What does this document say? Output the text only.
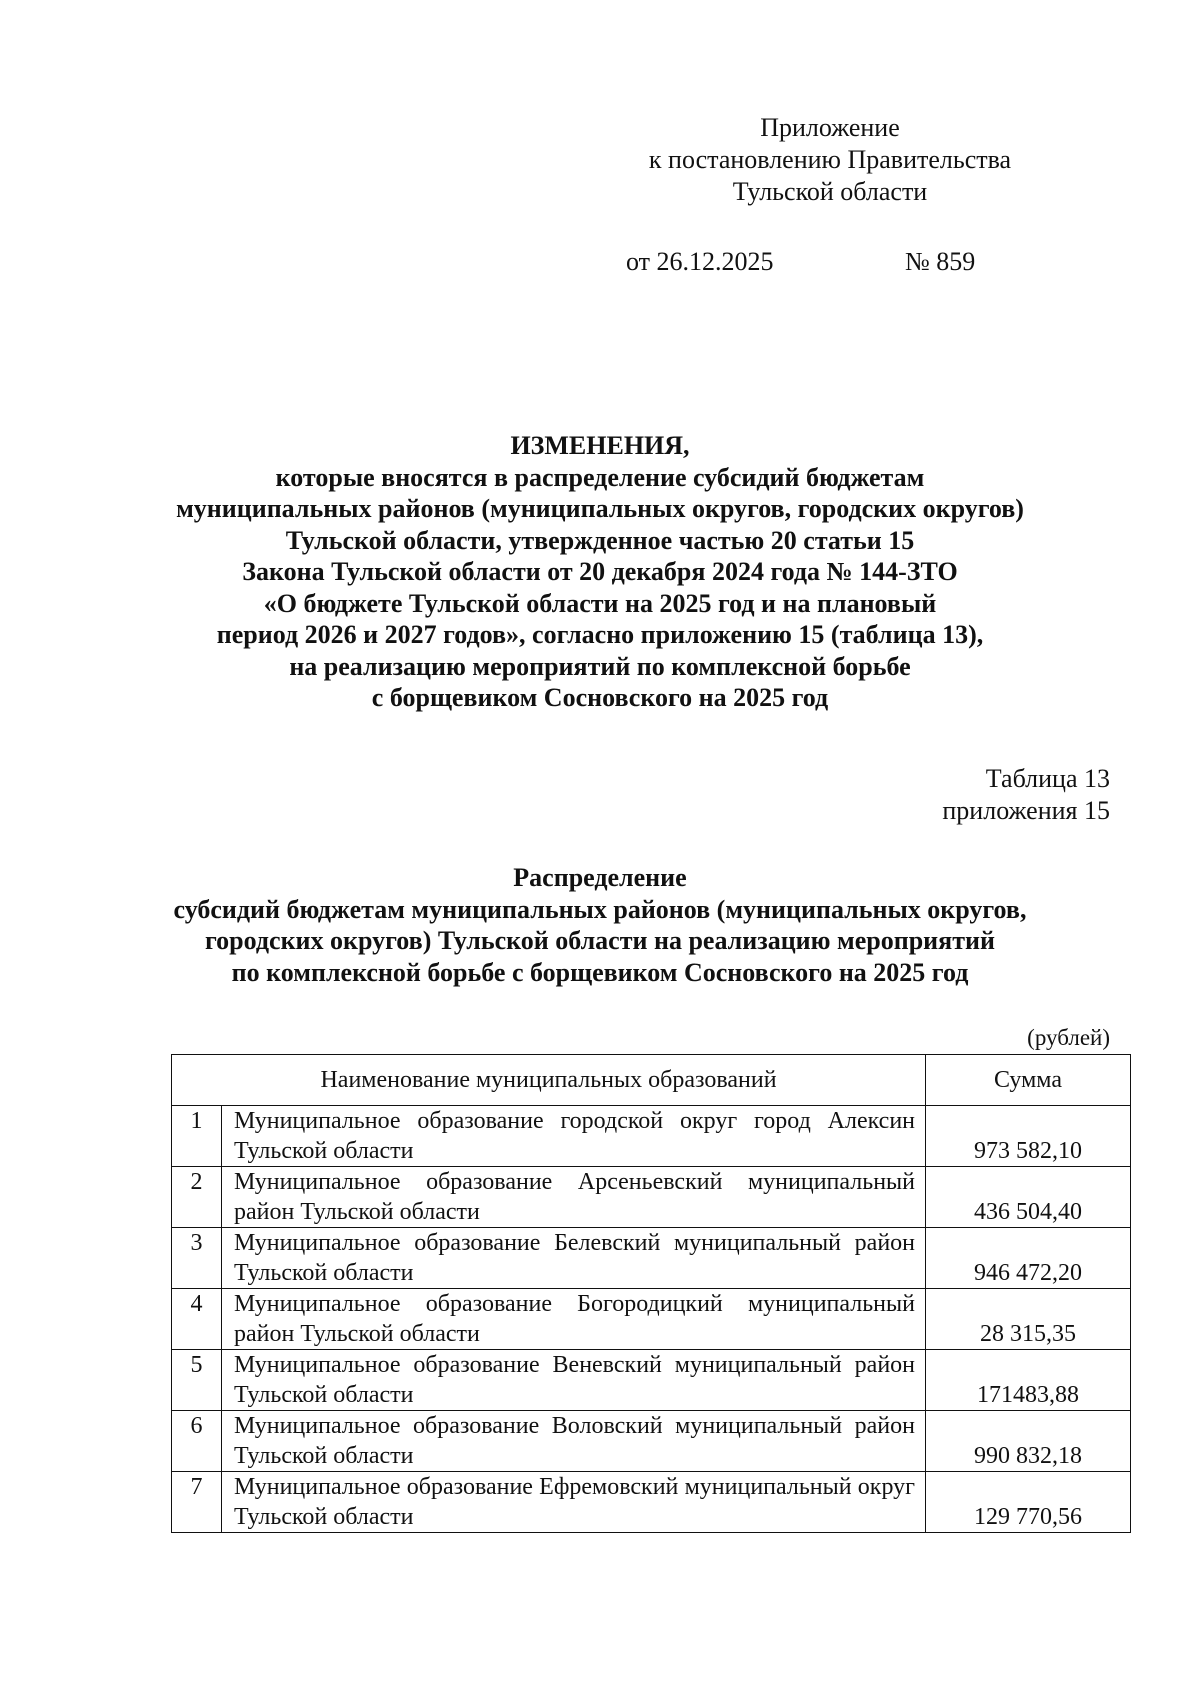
Приложение
к постановлению Правительства
Тульской области
от 26.12.2025	№ 859
ИЗМЕНЕНИЯ,
которые вносятся в распределение субсидий бюджетам
муниципальных районов (муниципальных округов, городских округов)
Тульской области, утвержденное частью 20 статьи 15
Закона Тульской области от 20 декабря 2024 года № 144-ЗТО
«О бюджете Тульской области на 2025 год и на плановый
период 2026 и 2027 годов», согласно приложению 15 (таблица 13),
на реализацию мероприятий по комплексной борьбе
с борщевиком Сосновского на 2025 год
Таблица 13
приложения 15
Распределение
субсидий бюджетам муниципальных районов (муниципальных округов,
городских округов) Тульской области на реализацию мероприятий
по комплексной борьбе с борщевиком Сосновского на 2025 год
(рублей)
Наименование муниципальных образований		Сумма
1	Муниципальное образование городской округ город Алексин Тульской области	973 582,10
2	Муниципальное образование Арсеньевский муниципальный район Тульской области	436 504,40
3	Муниципальное образование Белевский муниципальный район Тульской области	946 472,20
4	Муниципальное образование Богородицкий муниципальный район Тульской области	28 315,35
5	Муниципальное образование Веневский муниципальный район Тульской области	171483,88
6	Муниципальное образование Воловский муниципальный район Тульской области	990 832,18
7	Муниципальное образование Ефремовский муниципальный округ Тульской области	129 770,56
